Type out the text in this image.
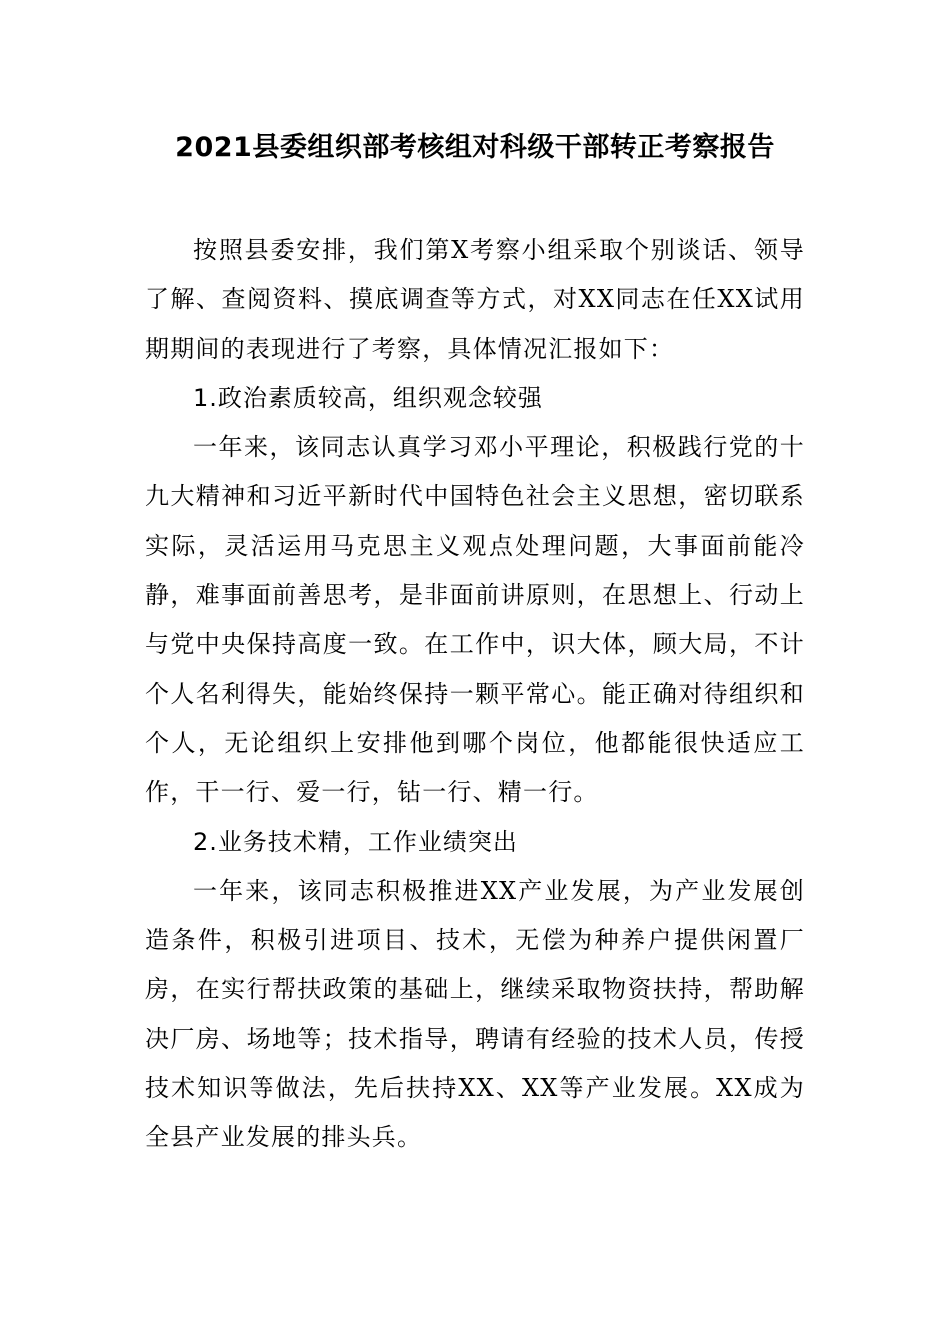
2021县委组织部考核组对科级干部转正考察报告

按照县委安排，我们第X考察小组采取个别谈话、领导了解、查阅资料、摸底调查等方式，对XX同志在任XX试用期期间的表现进行了考察，具体情况汇报如下：

1.政治素质较高，组织观念较强

一年来，该同志认真学习邓小平理论，积极践行党的十九大精神和习近平新时代中国特色社会主义思想，密切联系实际，灵活运用马克思主义观点处理问题，大事面前能冷静，难事面前善思考，是非面前讲原则，在思想上、行动上与党中央保持高度一致。在工作中，识大体，顾大局，不计个人名利得失，能始终保持一颗平常心。能正确对待组织和个人，无论组织上安排他到哪个岗位，他都能很快适应工作，干一行、爱一行，钻一行、精一行。

2.业务技术精，工作业绩突出

一年来，该同志积极推进XX产业发展，为产业发展创造条件，积极引进项目、技术，无偿为种养户提供闲置厂房，在实行帮扶政策的基础上，继续采取物资扶持，帮助解决厂房、场地等；技术指导，聘请有经验的技术人员，传授技术知识等做法，先后扶持XX、XX等产业发展。XX成为全县产业发展的排头兵。
